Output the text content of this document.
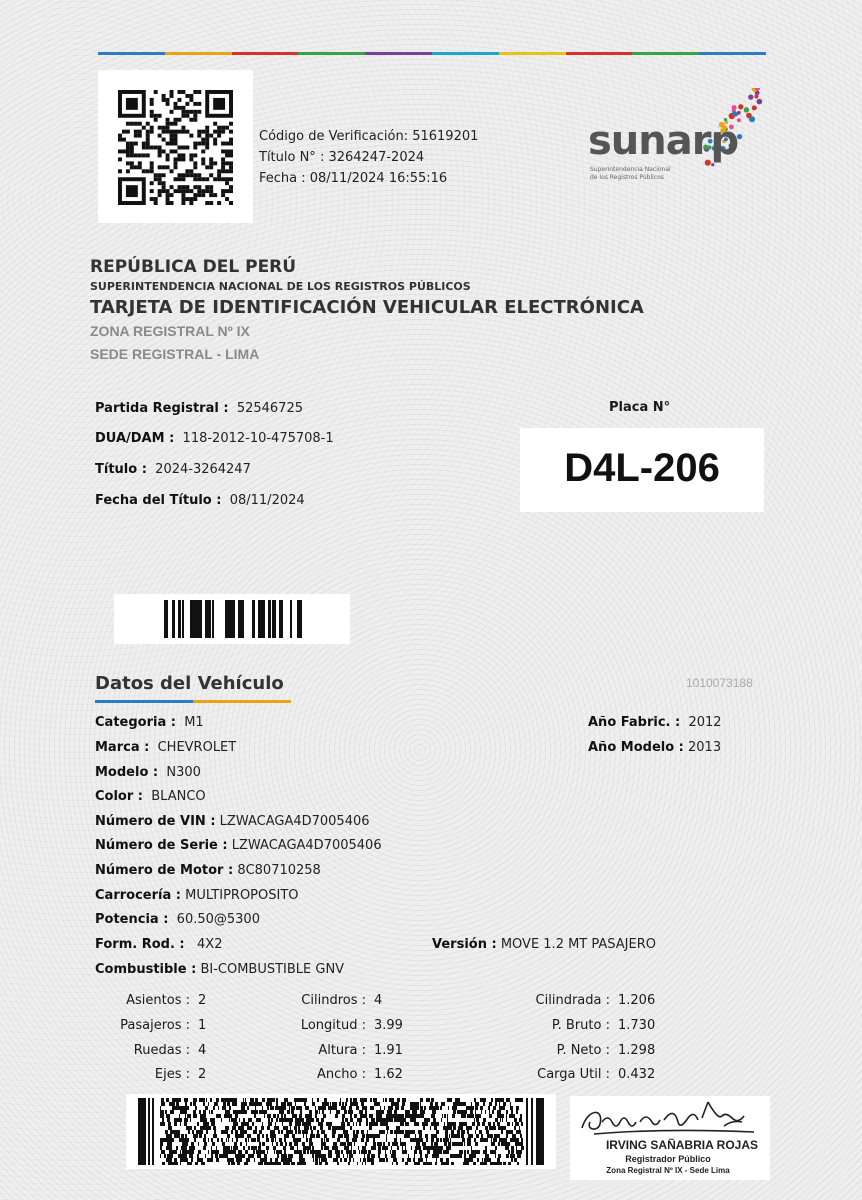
Código de Verificación: 51619201
Título N° : 3264247-2024
Fecha : 08/11/2024 16:55:16
sunarp
Superintendencia Nacional
de los Registros Públicos
REPÚBLICA DEL PERÚ
SUPERINTENDENCIA NACIONAL DE LOS REGISTROS PÚBLICOS
TARJETA DE IDENTIFICACIÓN VEHICULAR ELECTRÓNICA
ZONA REGISTRAL Nº IX
SEDE REGISTRAL - LIMA
Partida Registral : 52546725
DUA/DAM : 118-2012-10-475708-1
Título : 2024-3264247
Fecha del Título : 08/11/2024
Placa N°
D4L-206
Datos del Vehículo	1010073188
Categoria : M1
Marca : CHEVROLET
Modelo : N300
Color : BLANCO
Número de VIN : LZWACAGA4D7005406
Número de Serie : LZWACAGA4D7005406
Número de Motor : 8C80710258
Carrocería : MULTIPROPOSITO
Potencia : 60.50@5300
Form. Rod. : 4X2
Combustible : BI-COMBUSTIBLE GNV
Año Fabric. : 2012
Año Modelo : 2013
Versión : MOVE 1.2 MT PASAJERO
Asientos : 2
Pasajeros : 1
Ruedas : 4
Ejes : 2
Cilindros : 4
Longitud : 3.99
Altura : 1.91
Ancho : 1.62
Cilindrada : 1.206
P. Bruto : 1.730
P. Neto : 1.298
Carga Util : 0.432
IRVING SAÑABRIA ROJAS
Registrador Público
Zona Registral Nº IX - Sede Lima
